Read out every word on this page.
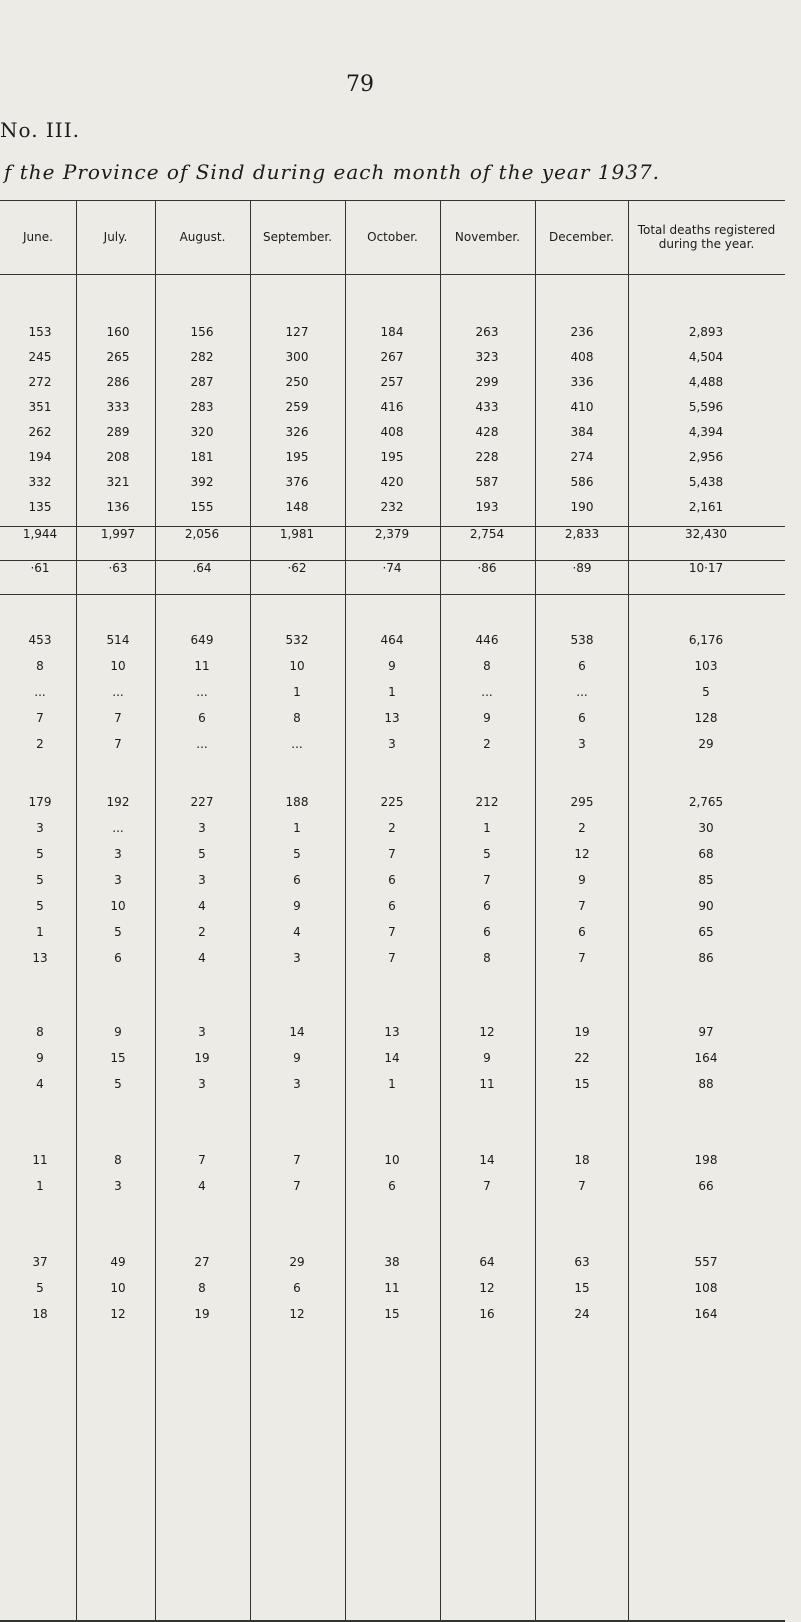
79
No. III.
f the Province of Sind during each month of the year 1937.
June.	July.	August.	September.	October.	November.	December.	Total deaths registered during the year.
153	160	156	127	184	263	236	2,893
245	265	282	300	267	323	408	4,504
272	286	287	250	257	299	336	4,488
351	333	283	259	416	433	410	5,596
262	289	320	326	408	428	384	4,394
194	208	181	195	195	228	274	2,956
332	321	392	376	420	587	586	5,438
135	136	155	148	232	193	190	2,161
1,944	1,997	2,056	1,981	2,379	2,754	2,833	32,430
·61	·63	.64	·62	·74	·86	·89	10·17
453	514	649	532	464	446	538	6,176
8	10	11	10	9	8	6	103
...	...	...	1	1	...	...	5
7	7	6	8	13	9	6	128
2	7	...	...	3	2	3	29
179	192	227	188	225	212	295	2,765
3	...	3	1	2	1	2	30
5	3	5	5	7	5	12	68
5	3	3	6	6	7	9	85
5	10	4	9	6	6	7	90
1	5	2	4	7	6	6	65
13	6	4	3	7	8	7	86
8	9	3	14	13	12	19	97
9	15	19	9	14	9	22	164
4	5	3	3	1	11	15	88
11	8	7	7	10	14	18	198
1	3	4	7	6	7	7	66
37	49	27	29	38	64	63	557
5	10	8	6	11	12	15	108
18	12	19	12	15	16	24	164
